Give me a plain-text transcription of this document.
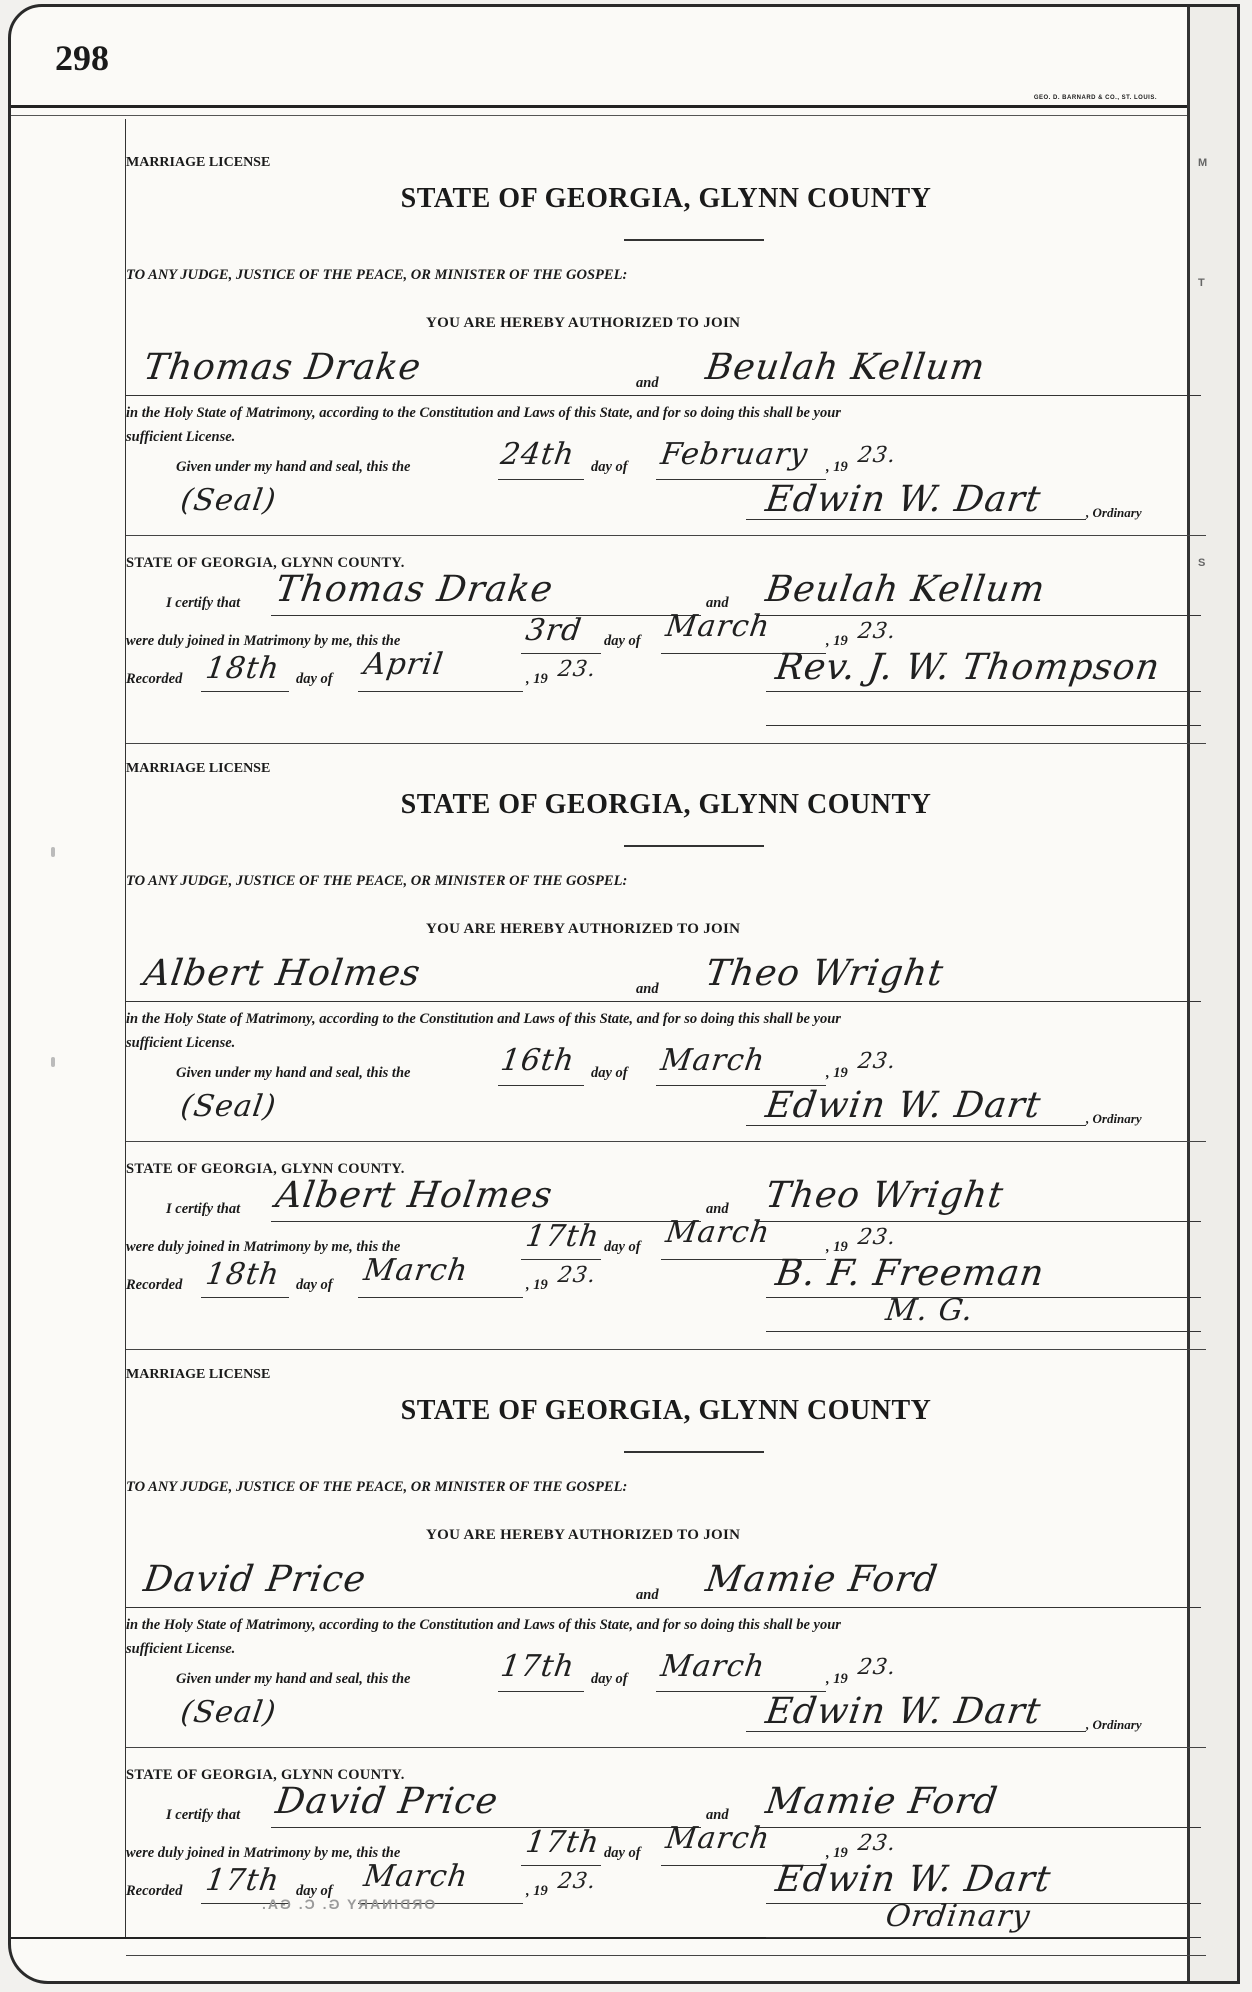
298
GEO. D. BARNARD & CO., ST. LOUIS.
M
T
S
MARRIAGE LICENSE
STATE OF GEORGIA, GLYNN COUNTY
TO ANY JUDGE, JUSTICE OF THE PEACE, OR MINISTER OF THE GOSPEL:
YOU ARE HEREBY AUTHORIZED TO JOIN
Thomas Drake	and Beulah Kellum
in the Holy State of Matrimony, according to the Constitution and Laws of this State, and for so doing this shall be your
sufficient License.
Given under my hand and seal, this the	24th day of February , 19 23.
(Seal)	Edwin W. Dart	, Ordinary
STATE OF GEORGIA, GLYNN COUNTY.
I certify that Thomas Drake	and Beulah Kellum
were duly joined in Matrimony by me, this the	3rd day of March	, 19 23.
Recorded 18th day of April	, 19 23.	Rev. J. W. Thompson
MARRIAGE LICENSE
STATE OF GEORGIA, GLYNN COUNTY
TO ANY JUDGE, JUSTICE OF THE PEACE, OR MINISTER OF THE GOSPEL:
YOU ARE HEREBY AUTHORIZED TO JOIN
Albert Holmes	and Theo Wright
in the Holy State of Matrimony, according to the Constitution and Laws of this State, and for so doing this shall be your
sufficient License.
Given under my hand and seal, this the	16th day of March	, 19 23.
(Seal)	Edwin W. Dart	, Ordinary
STATE OF GEORGIA, GLYNN COUNTY.
I certify that Albert Holmes	and Theo Wright
were duly joined in Matrimony by me, this the	17th day of March	, 19 23.
Recorded 18th day of March	, 19 23.	B. F. Freeman
M. G.
MARRIAGE LICENSE
STATE OF GEORGIA, GLYNN COUNTY
TO ANY JUDGE, JUSTICE OF THE PEACE, OR MINISTER OF THE GOSPEL:
YOU ARE HEREBY AUTHORIZED TO JOIN
David Price	and Mamie Ford
in the Holy State of Matrimony, according to the Constitution and Laws of this State, and for so doing this shall be your
sufficient License.
Given under my hand and seal, this the	17th day of March	, 19 23.
(Seal)	Edwin W. Dart	, Ordinary
STATE OF GEORGIA, GLYNN COUNTY.
I certify that David Price	and Mamie Ford
were duly joined in Matrimony by me, this the	17th day of March	, 19 23.
Recorded 17th day of March	, 19 23.	Edwin W. Dart
Ordinary
ORDINARY G. C. GA.
